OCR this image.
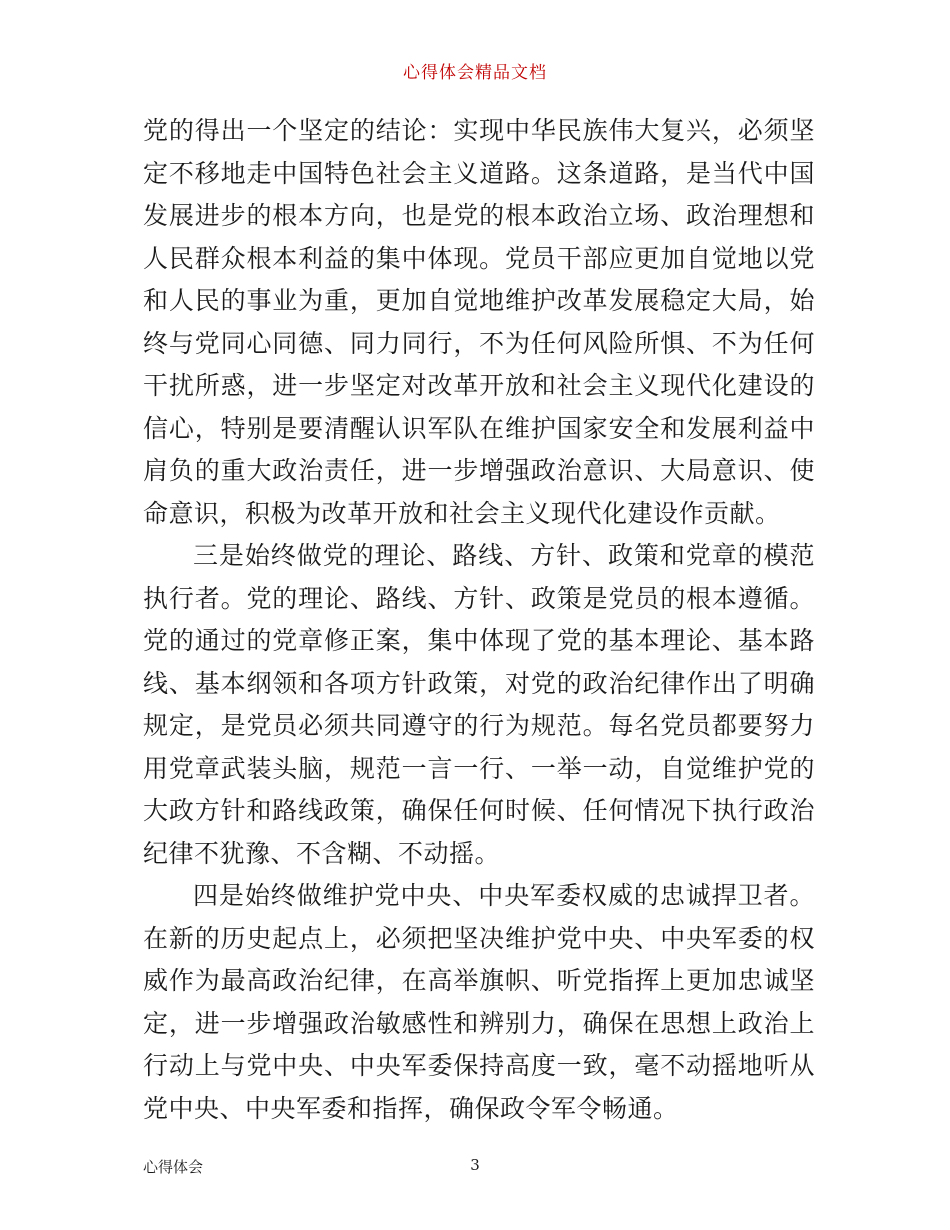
心得体会精品文档

党的得出一个坚定的结论：实现中华民族伟大复兴，必须坚定不移地走中国特色社会主义道路。这条道路，是当代中国发展进步的根本方向，也是党的根本政治立场、政治理想和人民群众根本利益的集中体现。党员干部应更加自觉地以党和人民的事业为重，更加自觉地维护改革发展稳定大局，始终与党同心同德、同力同行，不为任何风险所惧、不为任何干扰所惑，进一步坚定对改革开放和社会主义现代化建设的信心，特别是要清醒认识军队在维护国家安全和发展利益中肩负的重大政治责任，进一步增强政治意识、大局意识、使命意识，积极为改革开放和社会主义现代化建设作贡献。

三是始终做党的理论、路线、方针、政策和党章的模范执行者。党的理论、路线、方针、政策是党员的根本遵循。党的通过的党章修正案，集中体现了党的基本理论、基本路线、基本纲领和各项方针政策，对党的政治纪律作出了明确规定，是党员必须共同遵守的行为规范。每名党员都要努力用党章武装头脑，规范一言一行、一举一动，自觉维护党的大政方针和路线政策，确保任何时候、任何情况下执行政治纪律不犹豫、不含糊、不动摇。

四是始终做维护党中央、中央军委权威的忠诚捍卫者。在新的历史起点上，必须把坚决维护党中央、中央军委的权威作为最高政治纪律，在高举旗帜、听党指挥上更加忠诚坚定，进一步增强政治敏感性和辨别力，确保在思想上政治上行动上与党中央、中央军委保持高度一致，毫不动摇地听从党中央、中央军委和指挥，确保政令军令畅通。

心得体会	3
